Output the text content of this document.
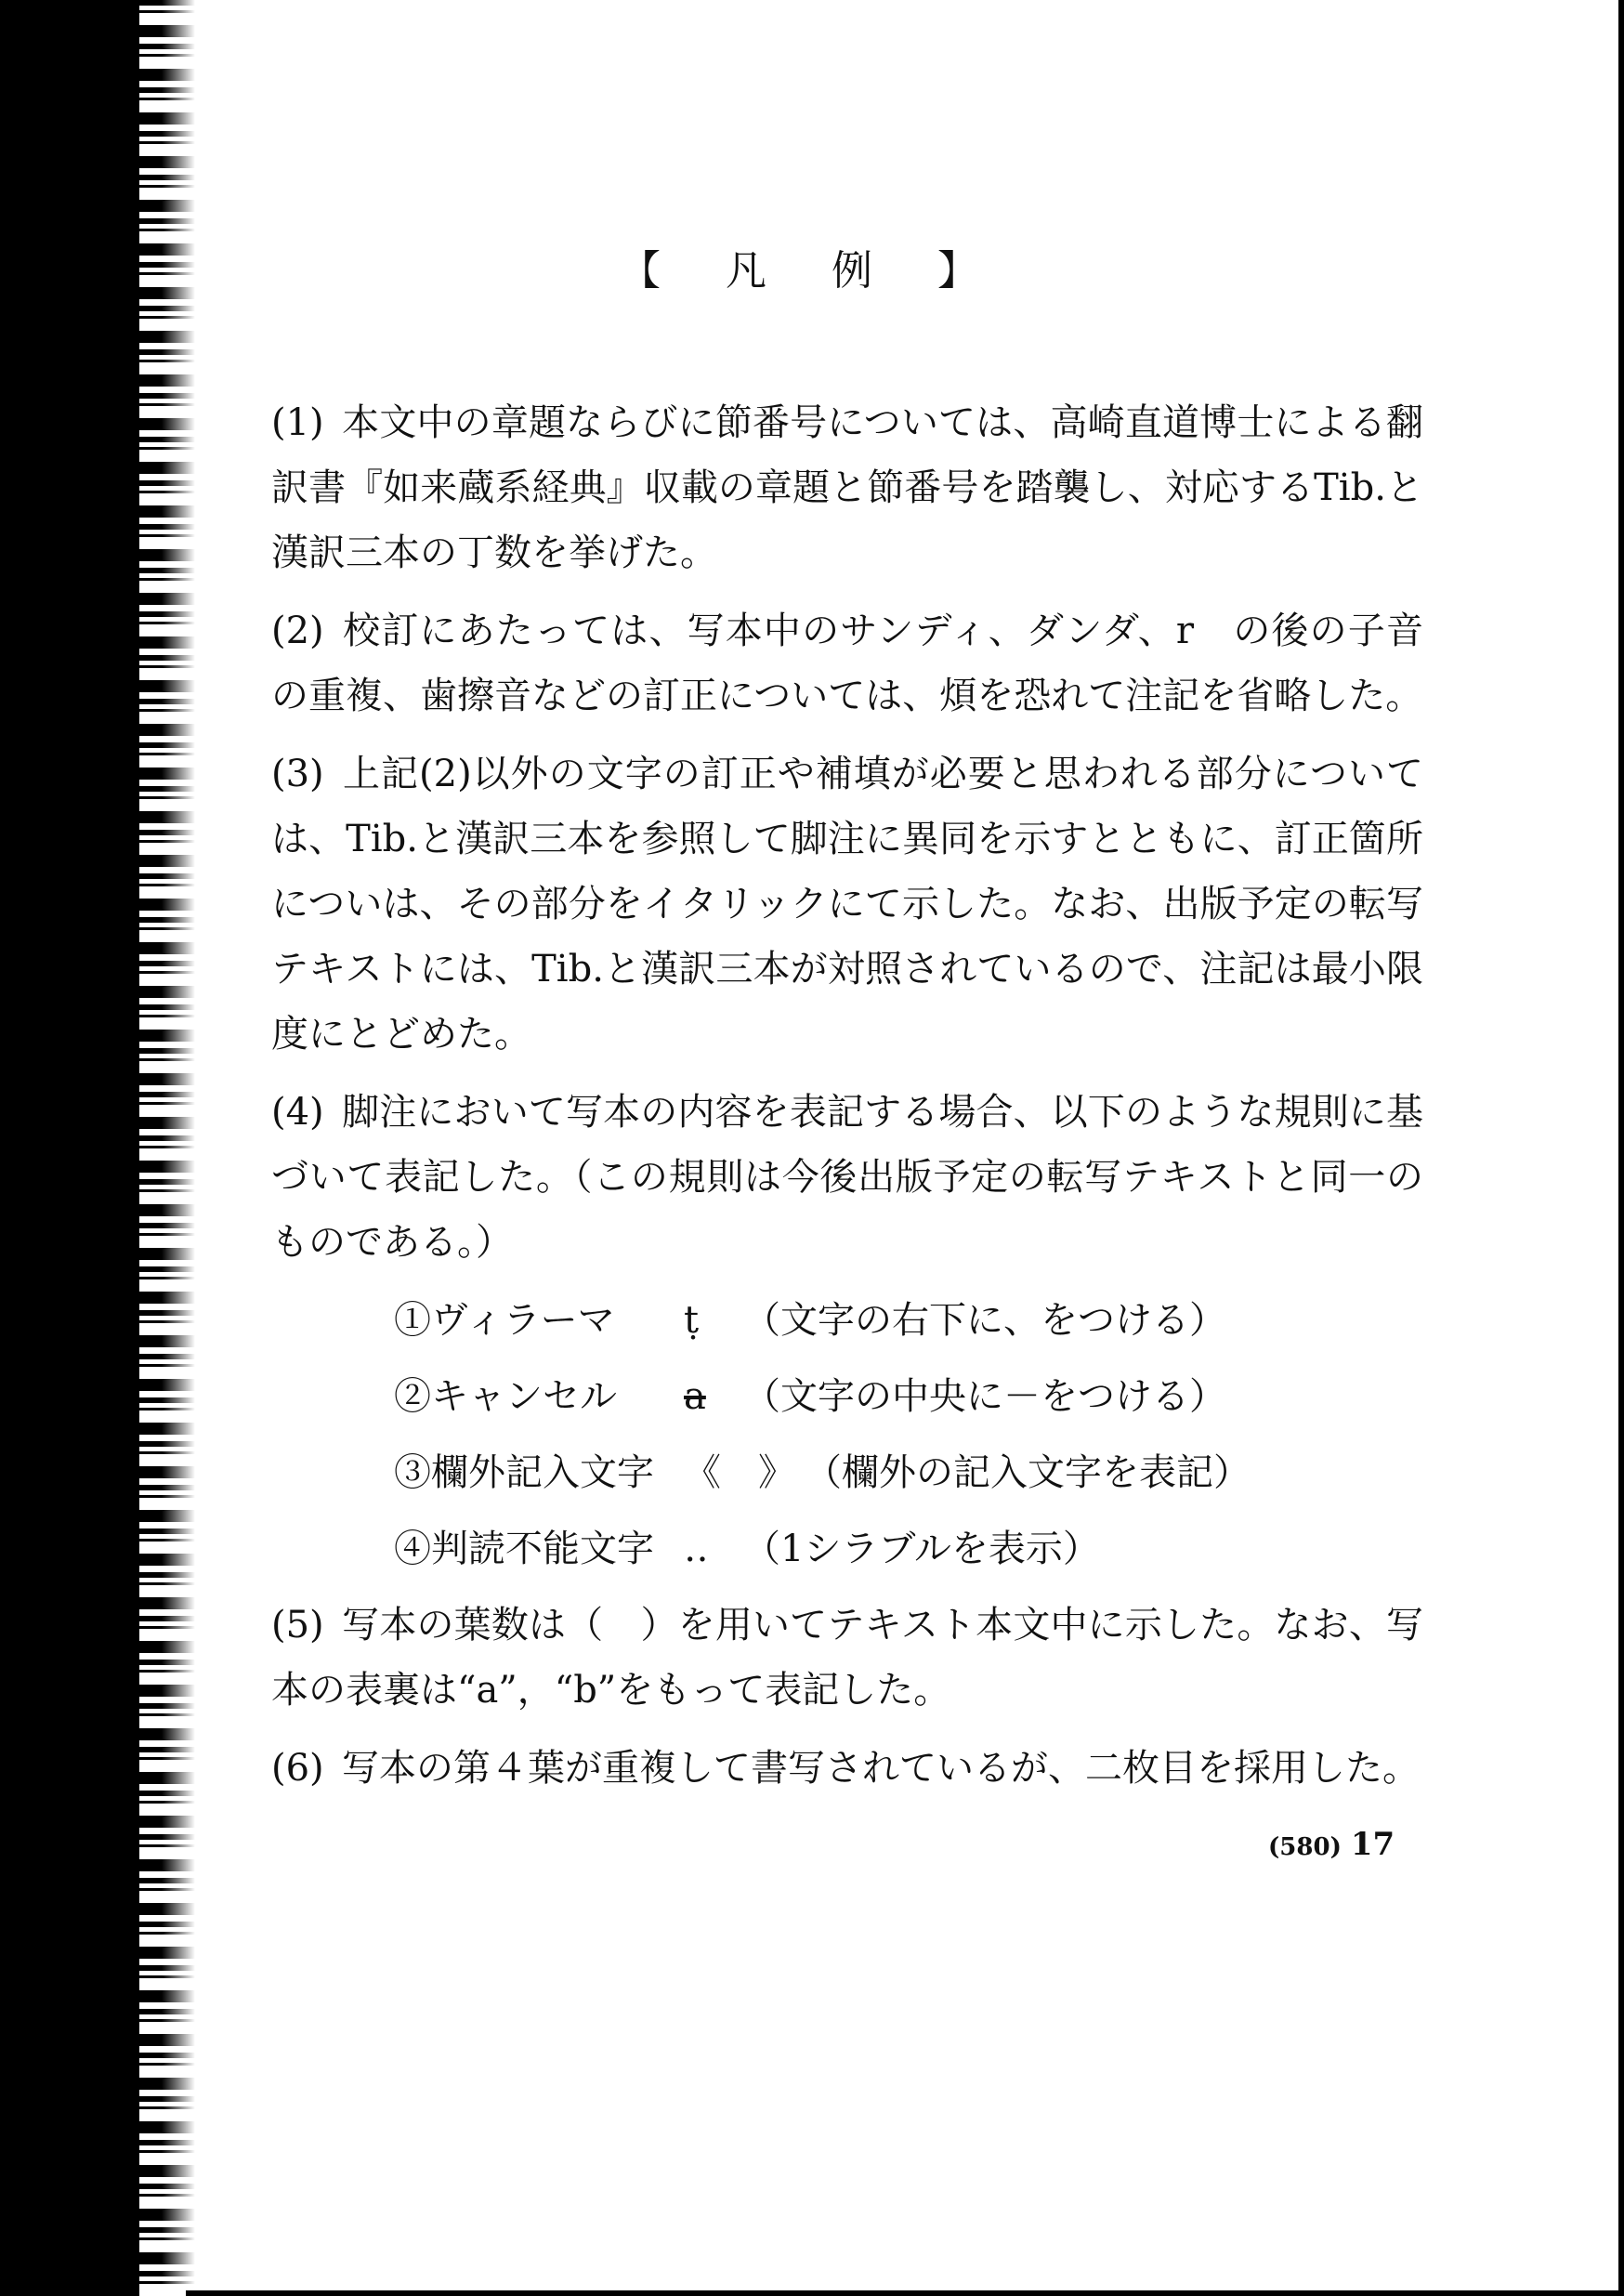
【 凡 例 】

(1) 本文中の章題ならびに節番号については、高崎直道博士による翻訳書『如来蔵系経典』収載の章題と節番号を踏襲し、対応するTib.と漢訳三本の丁数を挙げた。

(2) 校訂にあたっては、写本中のサンディ、ダンダ、r　の後の子音の重複、歯擦音などの訂正については、煩を恐れて注記を省略した。

(3) 上記(2)以外の文字の訂正や補填が必要と思われる部分については、Tib.と漢訳三本を参照して脚注に異同を示すとともに、訂正箇所についは、その部分をイタリックにて示した。なお、出版予定の転写テキストには、Tib.と漢訳三本が対照されているので、注記は最小限度にとどめた。

(4) 脚注において写本の内容を表記する場合、以下のような規則に基づいて表記した。（この規則は今後出版予定の転写テキストと同一のものである。）

①ヴィラーマ ṭ （文字の右下に、をつける）
②キャンセル a （文字の中央に－をつける）
③欄外記入文字 《　》 （欄外の記入文字を表記）
④判読不能文字 ‥ （1シラブルを表示）

(5) 写本の葉数は（　）を用いてテキスト本文中に示した。なお、写本の表裏は“a”，“b”をもって表記した。

(6) 写本の第４葉が重複して書写されているが、二枚目を採用した。

(580) 17
